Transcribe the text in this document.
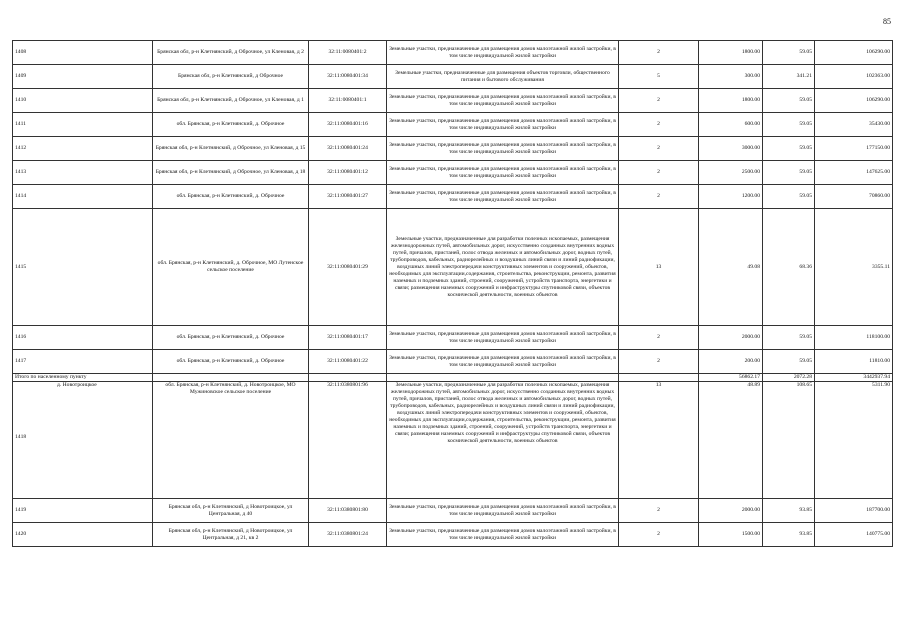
85
1408	Брянская обл, р-н Клетнянский, д Оброчное, ул Кленовая, д 2	32:11:0080401:2	Земельные участки, предназначенные для размещения домов малоэтажной жилой застройки, в том числе индивидуальной жилой застройки	2	1800.00	59.05	106290.00
1409	Брянская обл, р-н Клетнянский, д Оброчное	32:11:0080401:34	Земельные участки, предназначенные для размещения объектов торговли, общественного питания и бытового обслуживания	5	300.00	341.21	102363.00
1410	Брянская обл, р-н Клетнянский, д Оброчное, ул Кленовая, д 1	32:11:0080401:1	Земельные участки, предназначенные для размещения домов малоэтажной жилой застройки, в том числе индивидуальной жилой застройки	2	1800.00	59.05	106290.00
1411	обл. Брянская, р-н Клетнянский, д. Оброчное	32:11:0080401:16	Земельные участки, предназначенные для размещения домов малоэтажной жилой застройки, в том числе индивидуальной жилой застройки	2	600.00	59.05	35430.00
1412	Брянская обл, р-н Клетнянский, д Оброчное, ул Кленовая, д 15	32:11:0080401:24	Земельные участки, предназначенные для размещения домов малоэтажной жилой застройки, в том числе индивидуальной жилой застройки	2	3000.00	59.05	177150.00
1413	Брянская обл, р-н Клетнянский, д Оброчное, ул Кленовая, д 18	32:11:0080401:12	Земельные участки, предназначенные для размещения домов малоэтажной жилой застройки, в том числе индивидуальной жилой застройки	2	2500.00	59.05	147625.00
1414	обл. Брянская, р-н Клетнянский, д. Оброчное	32:11:0080401:27	Земельные участки, предназначенные для размещения домов малоэтажной жилой застройки, в том числе индивидуальной жилой застройки	2	1200.00	59.05	70860.00
1415	обл. Брянская, р-н Клетнянский, д. Оброчное, МО Лутенское сельское поселение	32:11:0080401:29	Земельные участки, предназначенные для разработки полезных ископаемых, размещения железнодорожных путей, автомобильных дорог, искусственно созданных внутренних водных путей, причалов, пристаней, полос отвода железных и автомобильных дорог, водных путей, трубопроводов, кабельных, радиорелейных и воздушных линий связи и линий радиофикации, воздушных линий электропередачи конструктивных элементов и сооружений, объектов, необходимых для эксплуатации,содержания, строительства, реконструкции, ремонта, развития наземных и подземных зданий, строений, сооружений, устройств транспорта, энергетики и связи; размещения наземных сооружений и инфраструктуры спутниковой связи, объектов космической деятельности, военных объектов	13	49.08	68.36	3355.11
1416	обл. Брянская, р-н Клетнянский, д. Оброчное	32:11:0080401:17	Земельные участки, предназначенные для размещения домов малоэтажной жилой застройки, в том числе индивидуальной жилой застройки	2	2000.00	59.05	118100.00
1417	обл. Брянская, р-н Клетнянский, д. Оброчное	32:11:0080401:22	Земельные участки, предназначенные для размещения домов малоэтажной жилой застройки, в том числе индивидуальной жилой застройки	2	200.00	59.05	11810.00
Итого по населенному пункту					56862.17	2072.28	3442937.94

д. Новотроицкое
1418	обл. Брянская, р-н Клетнянский, д. Новотроицкое, МО Мужиновское сельское поселение	32:11:0380801:96	Земельные участки, предназначенные для разработки полезных ископаемых, размещения железнодорожных путей, автомобильных дорог, искусственно созданных внутренних водных путей, причалов, пристаней, полос отвода железных и автомобильных дорог, водных путей, трубопроводов, кабельных, радиорелейных и воздушных линий связи и линий радиофикации, воздушных линий электропередачи конструктивных элементов и сооружений, объектов, необходимых для эксплуатации,содержания, строительства, реконструкции, ремонта, развития наземных и подземных зданий, строений, сооружений, устройств транспорта, энергетики и связи; размещения наземных сооружений и инфраструктуры спутниковой связи, объектов космической деятельности, военных объектов	13	48.89	108.65	5311.90
1419	Брянская обл, р-н Клетнянский, д Новотроицкое, ул Центральная, д 40	32:11:0380801:80	Земельные участки, предназначенные для размещения домов малоэтажной жилой застройки, в том числе индивидуальной жилой застройки	2	2000.00	93.85	187700.00
1420	Брянская обл, р-н Клетнянский, д Новотроицкое, ул Центральная, д 21, кв 2	32:11:0380801:24	Земельные участки, предназначенные для размещения домов малоэтажной жилой застройки, в том числе индивидуальной жилой застройки	2	1500.00	93.85	140775.00
